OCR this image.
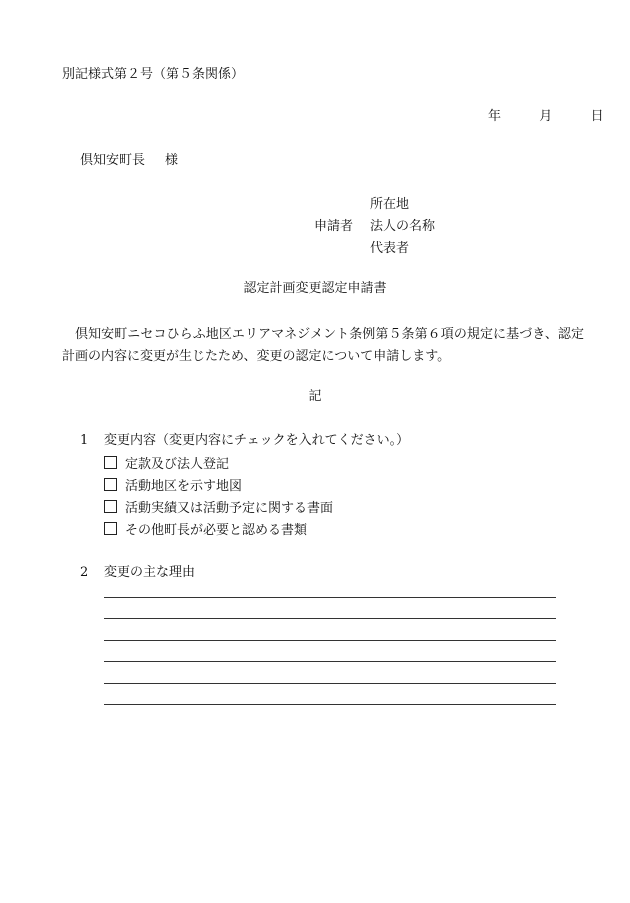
別記様式第２号（第５条関係）
年	月	日
倶知安町長 様
所在地
申請者 法人の名称
代表者
認定計画変更認定申請書
倶知安町ニセコひらふ地区エリアマネジメント条例第５条第６項の規定に基づき、認定計画の内容に変更が生じたため、変更の認定について申請します。
記
1 変更内容（変更内容にチェックを入れてください。）
定款及び法人登記
活動地区を示す地図
活動実績又は活動予定に関する書面
その他町長が必要と認める書類
2 変更の主な理由
